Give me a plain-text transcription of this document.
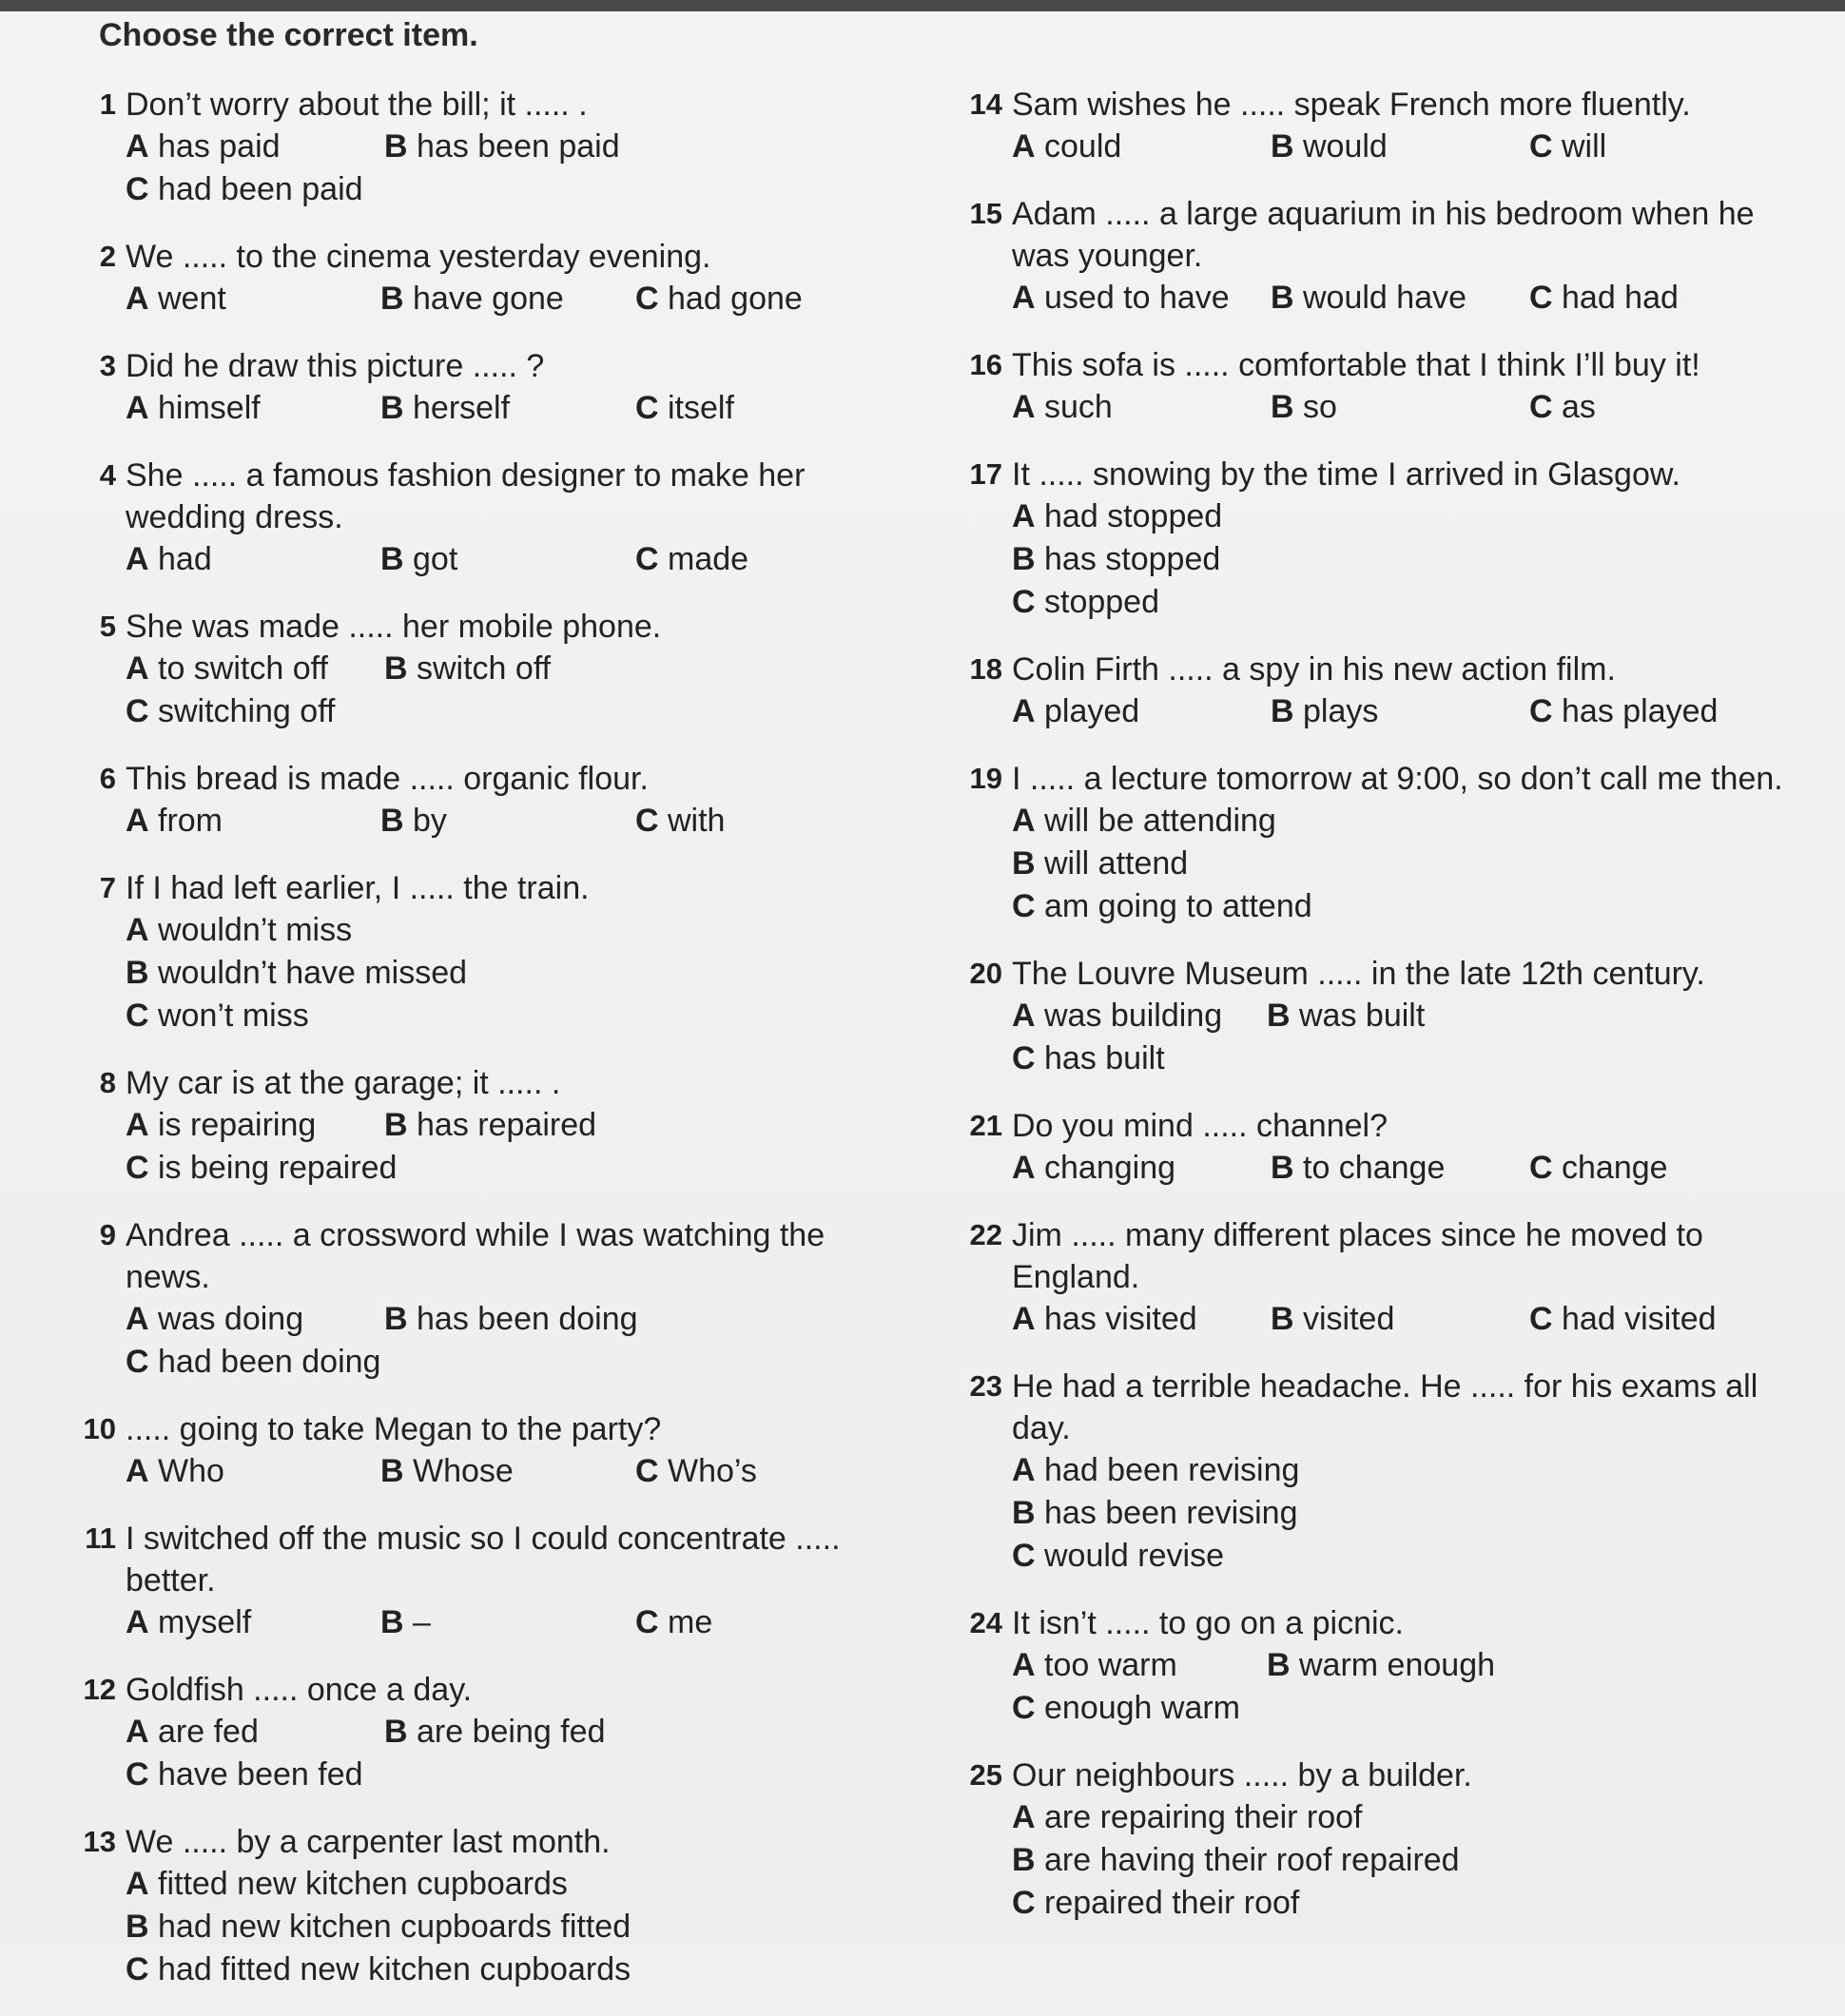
Choose the correct item.
1 Don’t worry about the bill; it ..... .
A has paid	B has been paid
C had been paid
2 We ..... to the cinema yesterday evening.
A went	B have gone	C had gone
3 Did he draw this picture ..... ?
A himself	B herself	C itself
4 She ..... a famous fashion designer to make her wedding dress.
A had	B got	C made
5 She was made ..... her mobile phone.
A to switch off	B switch off
C switching off
6 This bread is made ..... organic flour.
A from	B by	C with
7 If I had left earlier, I ..... the train.
A wouldn’t miss
B wouldn’t have missed
C won’t miss
8 My car is at the garage; it ..... .
A is repairing	B has repaired
C is being repaired
9 Andrea ..... a crossword while I was watching the news.
A was doing	B has been doing
C had been doing
10 ..... going to take Megan to the party?
A Who	B Whose	C Who’s
11 I switched off the music so I could concentrate ..... better.
A myself	B –	C me
12 Goldfish ..... once a day.
A are fed	B are being fed
C have been fed
13 We ..... by a carpenter last month.
A fitted new kitchen cupboards
B had new kitchen cupboards fitted
C had fitted new kitchen cupboards
14 Sam wishes he ..... speak French more fluently.
A could	B would	C will
15 Adam ..... a large aquarium in his bedroom when he was younger.
A used to have	B would have	C had had
16 This sofa is ..... comfortable that I think I’ll buy it!
A such	B so	C as
17 It ..... snowing by the time I arrived in Glasgow.
A had stopped
B has stopped
C stopped
18 Colin Firth ..... a spy in his new action film.
A played	B plays	C has played
19 I ..... a lecture tomorrow at 9:00, so don’t call me then.
A will be attending
B will attend
C am going to attend
20 The Louvre Museum ..... in the late 12th century.
A was building	B was built
C has built
21 Do you mind ..... channel?
A changing	B to change	C change
22 Jim ..... many different places since he moved to England.
A has visited	B visited	C had visited
23 He had a terrible headache. He ..... for his exams all day.
A had been revising
B has been revising
C would revise
24 It isn’t ..... to go on a picnic.
A too warm	B warm enough
C enough warm
25 Our neighbours ..... by a builder.
A are repairing their roof
B are having their roof repaired
C repaired their roof
